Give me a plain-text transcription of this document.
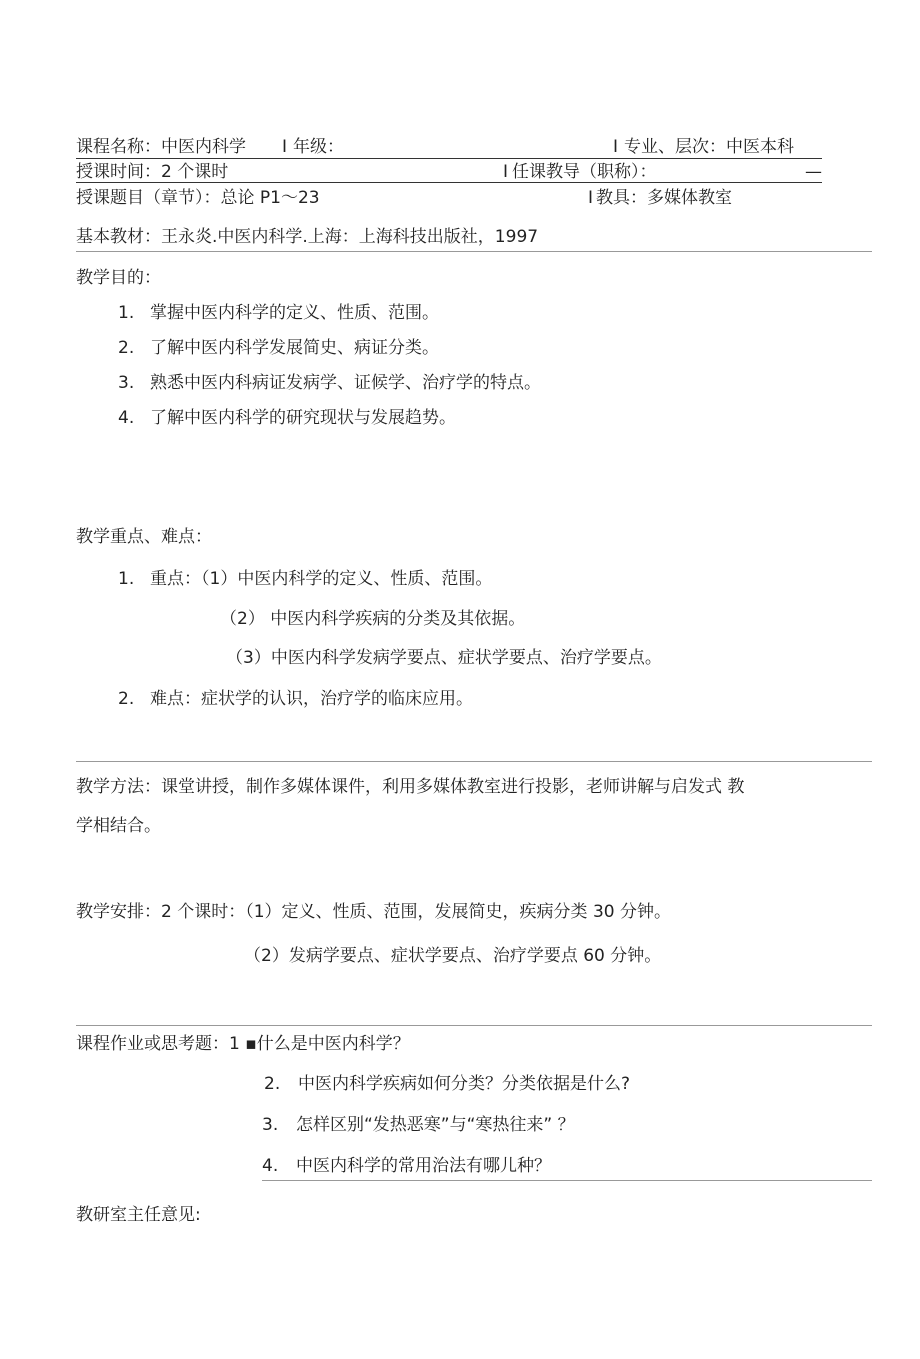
课程名称：中医内科学 I 年级：	I 专业、层次：中医本科
授课时间：2 个课时	I 任课教导（职称）：	—
授课题目（章节）：总论 P1～23	I 教具：多媒体教室
基本教材：王永炎.中医内科学.上海：上海科技出版社，1997
教学目的：
1. 掌握中医内科学的定义、性质、范围。
2. 了解中医内科学发展简史、病证分类。
3. 熟悉中医内科病证发病学、证候学、治疗学的特点。
4. 了解中医内科学的研究现状与发展趋势。
教学重点、难点：
1. 重点：（1）中医内科学的定义、性质、范围。
（2） 中医内科学疾病的分类及其依据。
（3）中医内科学发病学要点、症状学要点、治疗学要点。
2. 难点：症状学的认识，治疗学的临床应用。
教学方法：课堂讲授，制作多媒体课件，利用多媒体教室进行投影，老师讲解与启发式 教
学相结合。
教学安排：2 个课时：（1）定义、性质、范围，发展简史，疾病分类 30 分钟。
（2）发病学要点、症状学要点、治疗学要点 60 分钟。
课程作业或思考题：1 ▪什么是中医内科学？
2. 中医内科学疾病如何分类？分类依据是什么?
3. 怎样区别“发热恶寒”与“寒热往来” ？
4. 中医内科学的常用治法有哪儿种？
教研室主任意见:
